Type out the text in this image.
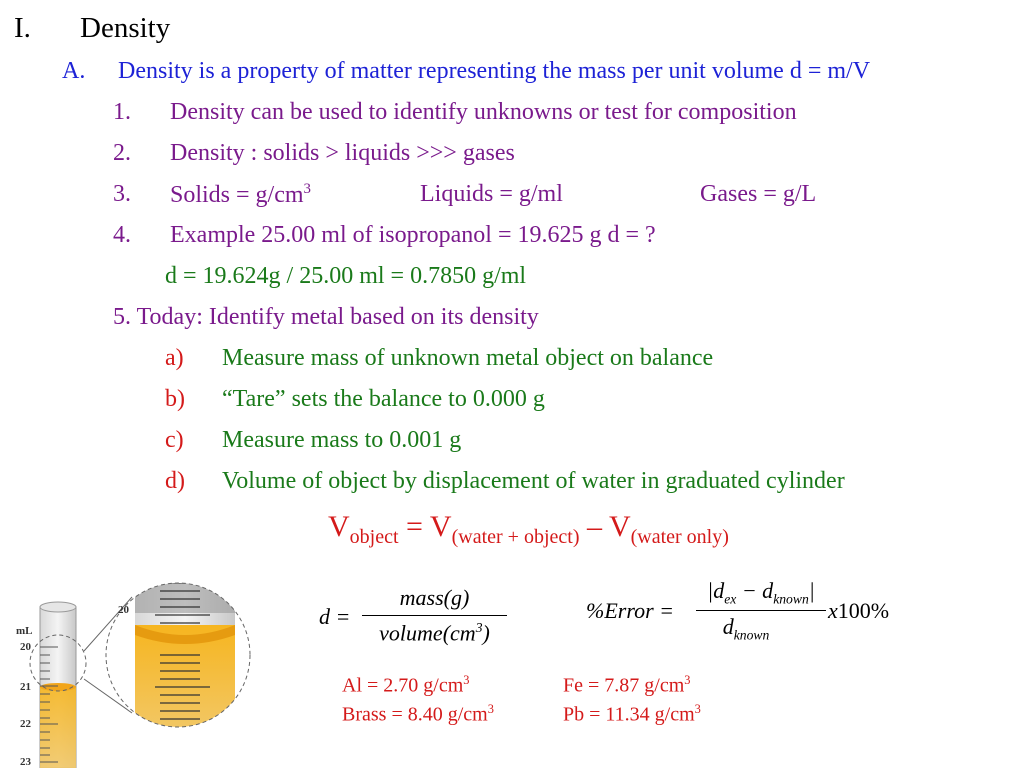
I. Density
A. Density is a property of matter representing the mass per unit volume d = m/V
1. Density can be used to identify unknowns or test for composition
2. Density : solids > liquids >>> gases
3. Solids = $g/cm^3$	Liquids = g/ml	Gases = g/L
4. Example 25.00 ml of isopropanol = 19.625 g d = ?
d = 19.624g / 25.00 ml = 0.7850 g/ml
5. Today: Identify metal based on its density
a) Measure mass of unknown metal object on balance
b) “Tare” sets the balance to 0.000 g
c) Measure mass to 0.001 g
d) Volume of object by displacement of water in graduated cylinder
$V_{object} = V_{(water + object)} - V_{(water only)}$
d =
mass(g)
$volume(cm^3)$
%Error =
$|d_{ex} - d_{known}|$
$d_{known}$
x100%
Al = 2.70 $g/cm^3$	Fe = 7.87 $g/cm^3$
Brass = 8.40 $g/cm^3$	Pb = 11.34 $g/cm^3$
mL
20
21
22
23
20
